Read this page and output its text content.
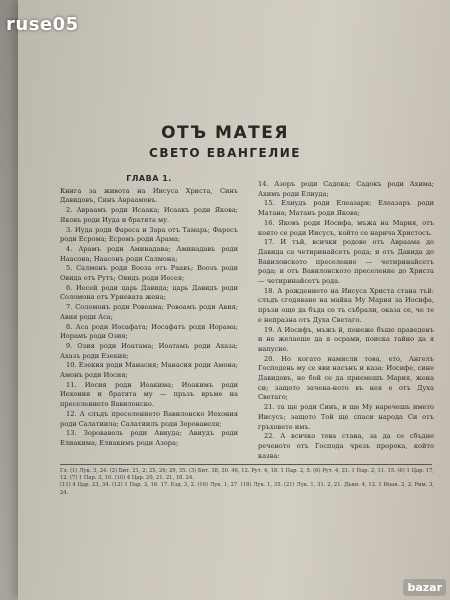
ruse05
ОТЪ МАТЕЯ
СВЕТО ЕВАНГЕЛИЕ
ГЛАВА 1.
Книга за живота на Иисуса Христа, Синъ Давидовъ, Синъ Авраамовъ.
2. Авраамъ роди Исаака; Исаакъ роди Якова; Яковъ роди Иуда и братята му.
3. Иуда роди Фареса и Зара отъ Тамарь; Фаресъ роди Есрома; Есромъ роди Арама;
4. Арамъ роди Аминадава; Аминадавъ роди Наасона; Наасонъ роди Салмона;
5. Салмонъ роди Вооза отъ Раавъ; Воозъ роди Овида отъ Рутъ; Овидъ роди Иесея;
6. Иесей роди царь Давида; царь Давидъ роди Соломона отъ Уриевата жена;
7. Соломонъ роди Ровоама; Ровоамъ роди Авия; Авия роди Аса;
8. Аса роди Иосафата; Иосафатъ роди Иорама; Иорамъ роди Озия;
9. Озия роди Иоатама; Иоатамъ роди Ахаза; Ахазъ роди Езекия;
10. Езекия роди Манасия; Манасия роди Амона; Амонъ роди Иосия;
11. Иосия роди Иоакима; Иоакимъ роди Иехония и братята му — пръзъ връме на преселението Вавилонско.
12. А слъдъ преселението Вавилонско Иехония роди Салатиила; Салатиилъ роди Зоровавеля;
13. Зоровавель роди Авиуда; Авиудъ роди Елиакима; Елиакимъ роди Азора;
14. Азоръ роди Садока; Садокъ роди Ахима; Ахимъ роди Елиуда;
15. Елиудъ роди Елеазаря; Елеазаръ роди Матана; Матанъ роди Якова;
16. Яковъ роди Иосифа, мъжа на Мария, отъ която се роди Иисусъ, който се нарича Христосъ.
17. И тъй, всички родове отъ Авраама до Давида са четиринайсетъ рода; и отъ Давида до Вавилонското преселение — четиринайсетъ рода; и отъ Вавилонското преселение до Христа — четиринайсетъ рода.
18. А рождението на Иисуса Христа стана тъй: слъдъ сгодяване на майка Му Мария за Иосифа, пръзи още да бъда се тъ събрали, оказа се, че те е непразна отъ Духа Светаго.
19. А Иосифъ, мъжъ й, понеже бъше праведенъ и не желаеше да я осрами, поиска тайно да я напусне.
20. Но когато намисли това, ето, Ангелъ Господень му се яви насънъ и каза: Иосифе, сине Давидовъ, не бой се да приемешъ Мария, жена си; защото зачена-ното въ нея е отъ Духа Светаго;
21. та ще роди Синъ, и ще Му наречешъ името Иисусъ; защото Той ще спаси народа Си отъ гръховете имъ.
22. А всичко това стана, за да се сбъдне реченото отъ Господа чрезъ пророка, който казва:
Гл. (1) Лук. 3, 24. (2) Бит. 21, 2; 25, 26; 29, 35. (3) Бит. 38, 30. 46, 12. Рут. 4, 18. 1 Пар. 2, 5. (6) Рут. 4, 21. 1 Пар. 2, 11. 15. (6) 1 Цар. 17, 12. (7) 1 Пар. 3, 10. (10) 4 Цар. 20, 21. 21, 18. 24.
(11) 4 Цар. 23, 34. (12) 1 Пар. 3, 16. 17. Езд. 3, 2. (16) Лук. 1, 27. (18) Лук. 1, 35. (21) Лук. 1, 31. 2, 21. Дъян. 4, 12. 1 Иоан. 2, 2. Рим. 3, 24.
bazar
